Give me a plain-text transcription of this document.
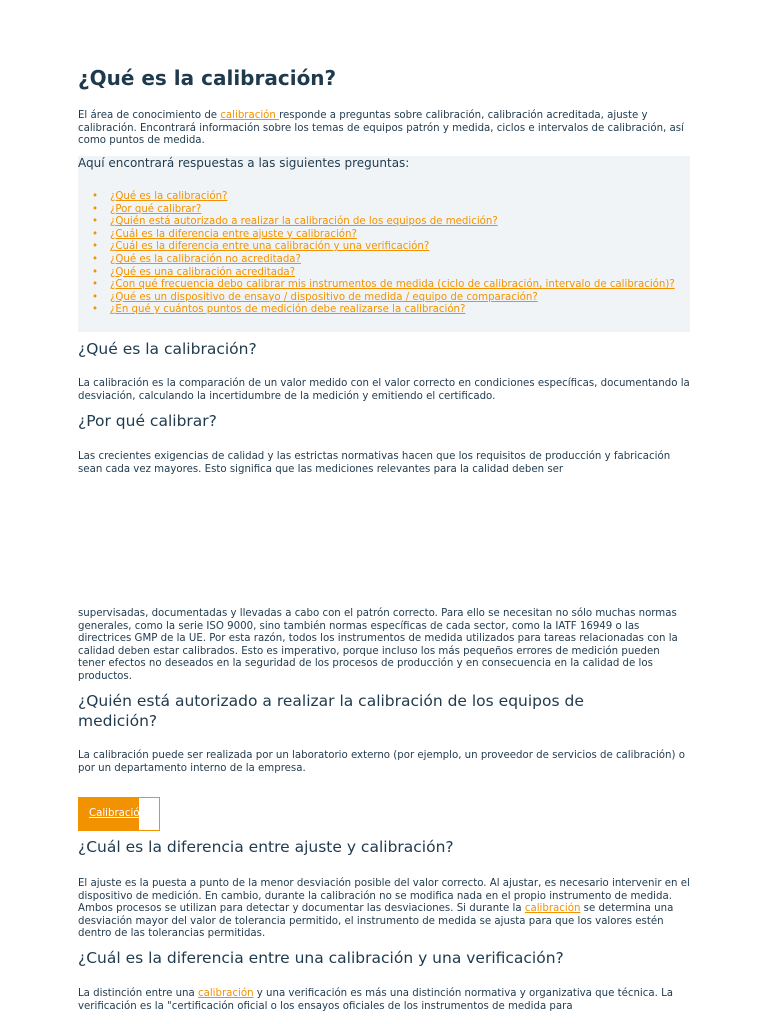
¿Qué es la calibración?

El área de conocimiento de calibración responde a preguntas sobre calibración, calibración acreditada, ajuste y calibración. Encontrará información sobre los temas de equipos patrón y medida, ciclos e intervalos de calibración, así como puntos de medida.

Aquí encontrará respuestas a las siguientes preguntas:
• ¿Qué es la calibración?
• ¿Por qué calibrar?
• ¿Quién está autorizado a realizar la calibración de los equipos de medición?
• ¿Cuál es la diferencia entre ajuste y calibración?
• ¿Cuál es la diferencia entre una calibración y una verificación?
• ¿Qué es la calibración no acreditada?
• ¿Qué es una calibración acreditada?
• ¿Con qué frecuencia debo calibrar mis instrumentos de medida (ciclo de calibración, intervalo de calibración)?
• ¿Qué es un dispositivo de ensayo / dispositivo de medida / equipo de comparación?
• ¿En qué y cuántos puntos de medición debe realizarse la calibración?
¿Qué es la calibración?

La calibración es la comparación de un valor medido con el valor correcto en condiciones específicas, documentando la desviación, calculando la incertidumbre de la medición y emitiendo el certificado.

¿Por qué calibrar?

Las crecientes exigencias de calidad y las estrictas normativas hacen que los requisitos de producción y fabricación sean cada vez mayores. Esto significa que las mediciones relevantes para la calidad deben ser

supervisadas, documentadas y llevadas a cabo con el patrón correcto. Para ello se necesitan no sólo muchas normas generales, como la serie ISO 9000, sino también normas específicas de cada sector, como la IATF 16949 o las directrices GMP de la UE. Por esta razón, todos los instrumentos de medida utilizados para tareas relacionadas con la calidad deben estar calibrados. Esto es imperativo, porque incluso los más pequeños errores de medición pueden tener efectos no deseados en la seguridad de los procesos de producción y en consecuencia en la calidad de los productos.

¿Quién está autorizado a realizar la calibración de los equipos de medición?

La calibración puede ser realizada por un laboratorio externo (por ejemplo, un proveedor de servicios de calibración) o por un departamento interno de la empresa.

Calibración
¿Cuál es la diferencia entre ajuste y calibración?

El ajuste es la puesta a punto de la menor desviación posible del valor correcto. Al ajustar, es necesario intervenir en el dispositivo de medición. En cambio, durante la calibración no se modifica nada en el propio instrumento de medida. Ambos procesos se utilizan para detectar y documentar las desviaciones. Si durante la calibración se determina una desviación mayor del valor de tolerancia permitido, el instrumento de medida se ajusta para que los valores estén dentro de las tolerancias permitidas.

¿Cuál es la diferencia entre una calibración y una verificación?

La distinción entre una calibración y una verificación es más una distinción normativa y organizativa que técnica. La verificación es la "certificación oficial o los ensayos oficiales de los instrumentos de medida para
